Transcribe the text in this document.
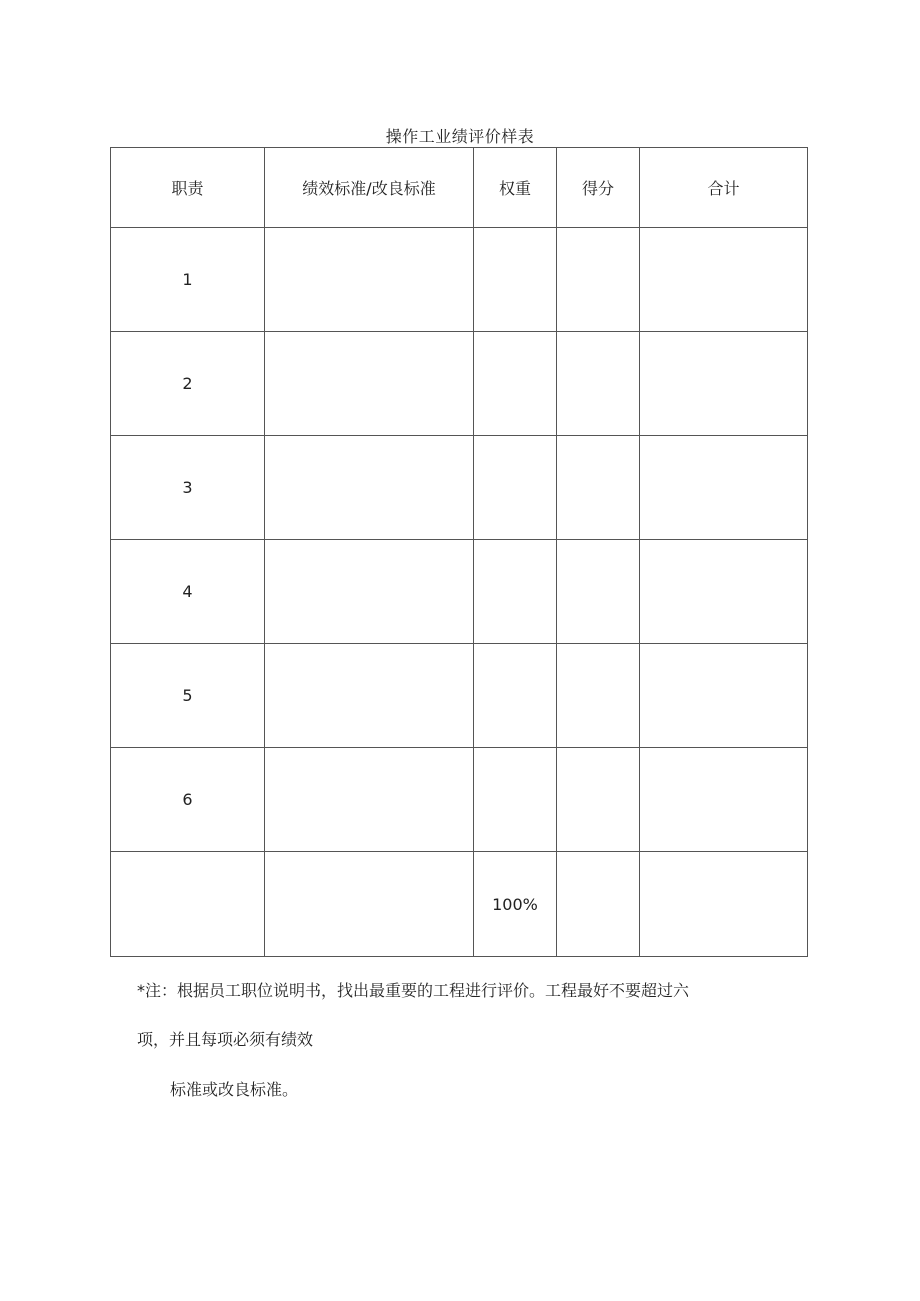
操作工业绩评价样表
职责	绩效标准/改良标准	权重	得分	合计
1				
2				
3				
4				
5				
6				
		100%		
*注：根据员工职位说明书，找出最重要的工程进行评价。工程最好不要超过六
项，并且每项必须有绩效
标准或改良标准。
